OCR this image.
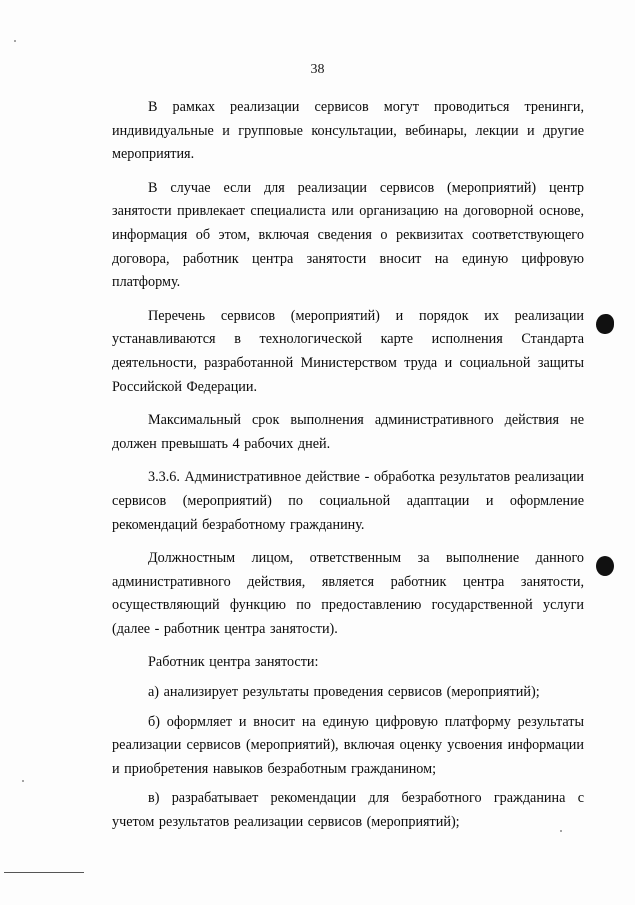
38

В рамках реализации сервисов могут проводиться тренинги, индивидуальные и групповые консультации, вебинары, лекции и другие мероприятия.

В случае если для реализации сервисов (мероприятий) центр занятости привлекает специалиста или организацию на договорной основе, информация об этом, включая сведения о реквизитах соответствующего договора, работник центра занятости вносит на единую цифровую платформу.

Перечень сервисов (мероприятий) и порядок их реализации устанавливаются в технологической карте исполнения Стандарта деятельности, разработанной Министерством труда и социальной защиты Российской Федерации.

Максимальный срок выполнения административного действия не должен превышать 4 рабочих дней.

3.3.6. Административное действие - обработка результатов реализации сервисов (мероприятий) по социальной адаптации и оформление рекомендаций безработному гражданину.

Должностным лицом, ответственным за выполнение данного административного действия, является работник центра занятости, осуществляющий функцию по предоставлению государственной услуги (далее - работник центра занятости).

Работник центра занятости:

а) анализирует результаты проведения сервисов (мероприятий);

б) оформляет и вносит на единую цифровую платформу результаты реализации сервисов (мероприятий), включая оценку усвоения информации и приобретения навыков безработным гражданином;

в) разрабатывает рекомендации для безработного гражданина с учетом результатов реализации сервисов (мероприятий);
